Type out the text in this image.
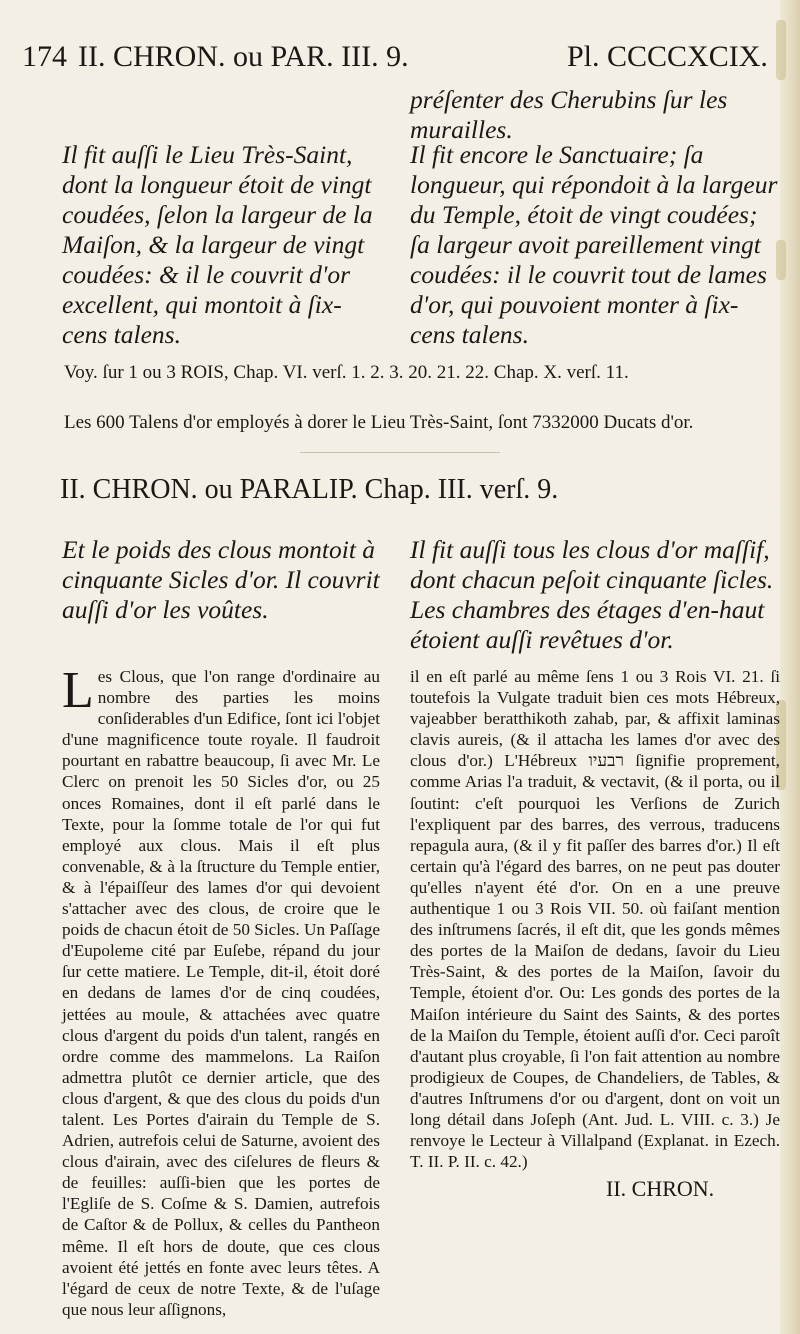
174 II. CHRON. ou PAR. III. 9.	Pl. CCCCXCIX.
Il fit auſſi le Lieu Très-Saint, dont la longueur étoit de vingt coudées, ſelon la largeur de la Maiſon, & la largeur de vingt coudées: & il le couvrit d'or excellent, qui montoit à ſix-cens talens.
préſenter des Cherubins ſur les murailles.
Il fit encore le Sanctuaire; ſa longueur, qui répondoit à la largeur du Temple, étoit de vingt coudées; ſa largeur avoit pareillement vingt coudées: il le couvrit tout de lames d'or, qui pouvoient monter à ſix-cens talens.
Voy. ſur 1 ou 3 ROIS, Chap. VI. verſ. 1. 2. 3. 20. 21. 22. Chap. X. verſ. 11.
Les 600 Talens d'or employés à dorer le Lieu Très-Saint, ſont 7332000 Ducats d'or.
II. CHRON. ou PARALIP. Chap. III. verſ. 9.
Et le poids des clous montoit à cinquante Sicles d'or. Il couvrit auſſi d'or les voûtes.
Il fit auſſi tous les clous d'or maſſif, dont chacun peſoit cinquante ſicles. Les chambres des étages d'en-haut étoient auſſi revêtues d'or.
L es Clous, que l'on range d'ordinaire au nombre des parties les moins conſiderables d'un Edifice, ſont ici l'objet d'une magnificence toute royale. Il faudroit pourtant en rabattre beaucoup, ſi avec Mr. Le Clerc on prenoit les 50 Sicles d'or, ou 25 onces Romaines, dont il eſt parlé dans le Texte, pour la ſomme totale de l'or qui fut employé aux clous. Mais il eſt plus convenable, & à la ſtructure du Temple entier, & à l'épaiſſeur des lames d'or qui devoient s'attacher avec des clous, de croire que le poids de chacun étoit de 50 Sicles. Un Paſſage d'Eupoleme cité par Euſebe, répand du jour ſur cette matiere. Le Temple, dit-il, étoit doré en dedans de lames d'or de cinq coudées, jettées au moule, & attachées avec quatre clous d'argent du poids d'un talent, rangés en ordre comme des mammelons. La Raiſon admettra plutôt ce dernier article, que des clous d'argent, & que des clous du poids d'un talent. Les Portes d'airain du Temple de S. Adrien, autrefois celui de Saturne, avoient des clous d'airain, avec des ciſelures de fleurs & de feuilles: auſſi-bien que les portes de l'Egliſe de S. Coſme & S. Damien, autrefois de Caſtor & de Pollux, & celles du Pantheon même. Il eſt hors de doute, que ces clous avoient été jettés en fonte avec leurs têtes. A l'égard de ceux de notre Texte, & de l'uſage que nous leur aſſignons,
il en eſt parlé au même ſens 1 ou 3 Rois VI. 21. ſi toutefois la Vulgate traduit bien ces mots Hébreux, vajeabber beratthikoth zahab, par, & affixit laminas clavis aureis, (& il attacha les lames d'or avec des clous d'or.) L'Hébreux רבעיו ſignifie proprement, comme Arias l'a traduit, & vectavit, (& il porta, ou il ſoutint: c'eſt pourquoi les Verſions de Zurich l'expliquent par des barres, des verrous, traducens repagula aura, (& il y fit paſſer des barres d'or.) Il eſt certain qu'à l'égard des barres, on ne peut pas douter qu'elles n'ayent été d'or. On en a une preuve authentique 1 ou 3 Rois VII. 50. où faiſant mention des inſtrumens ſacrés, il eſt dit, que les gonds mêmes des portes de la Maiſon de dedans, ſavoir du Lieu Très-Saint, & des portes de la Maiſon, ſavoir du Temple, étoient d'or. Ou: Les gonds des portes de la Maiſon intérieure du Saint des Saints, & des portes de la Maiſon du Temple, étoient auſſi d'or. Ceci paroît d'autant plus croyable, ſi l'on fait attention au nombre prodigieux de Coupes, de Chandeliers, de Tables, & d'autres Inſtrumens d'or ou d'argent, dont on voit un long détail dans Joſeph (Ant. Jud. L. VIII. c. 3.) Je renvoye le Lecteur à Villalpand (Explanat. in Ezech. T. II. P. II. c. 42.)
II. CHRON.
